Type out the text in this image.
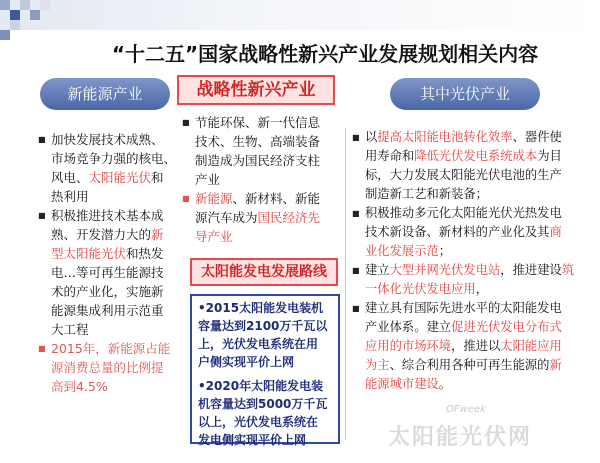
“十二五”国家战略性新兴产业发展规划相关内容
新能源产业	其中光伏产业
战略性新兴产业
■ 加快发展技术成熟、
市场竞争力强的核电、
风电、太阳能光伏和
热利用
■ 积极推进技术基本成
熟、开发潜力大的新
型太阳能光伏和热发
电…等可再生能源技
术的产业化，实施新
能源集成利用示范重
大工程
■ 2015年，新能源占能
源消费总量的比例提
高到4.5%
■ 节能环保、新一代信息
技术、生物、高端装备
制造成为国民经济支柱
产业
■ 新能源、新材料、新能
源汽车成为国民经济先
导产业
太阳能发电发展路线

•2015太阳能发电装机
容量达到2100万千瓦以
上，光伏发电系统在用
户侧实现平价上网

•2020年太阳能发电装
机容量达到5000万千瓦
以上，光伏发电系统在
发电侧实现平价上网

■ 以提高太阳能电池转化效率、器件使
用寿命和降低光伏发电系统成本为目
标，大力发展太阳能光伏电池的生产
制造新工艺和新装备；
■ 积极推动多元化太阳能光伏光热发电
技术新设备、新材料的产业化及其商
业化发展示范；
■ 建立大型并网光伏发电站，推进建设筑
一体化光伏发电应用，
■ 建立具有国际先进水平的太阳能发电
产业体系。建立促进光伏发电分布式
应用的市场环境，推进以太阳能应用
为主、综合利用各种可再生能源的新
能源城市建设。
OFweek
太阳能光伏网
